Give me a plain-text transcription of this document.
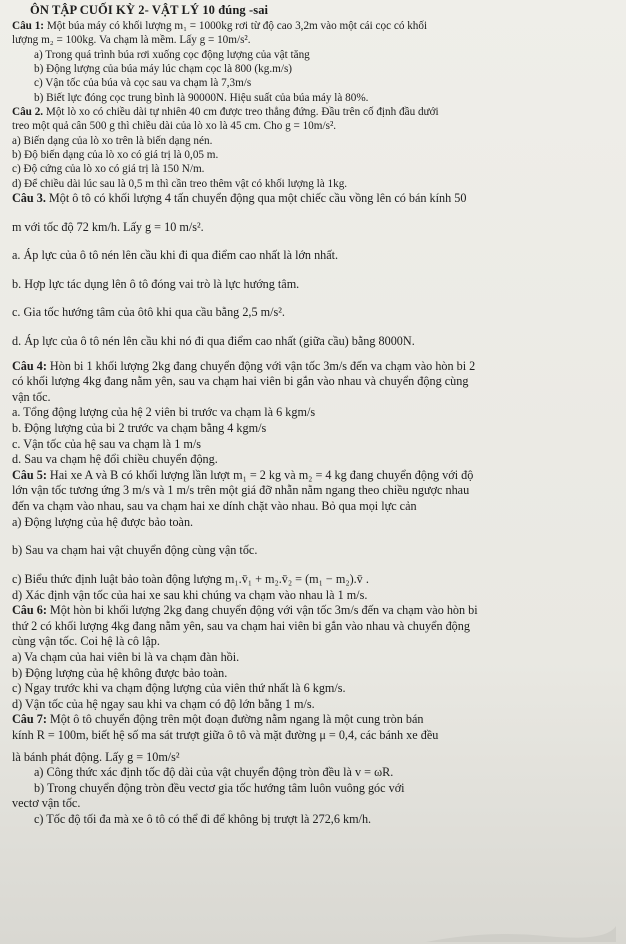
ÔN TẬP CUỐI KỲ 2- VẬT LÝ 10 đúng -sai
Câu 1: Một búa máy có khối lượng m₁ = 1000kg rơi từ độ cao 3,2m vào một cái cọc có khối
lượng m₂ = 100kg. Va chạm là mềm. Lấy g = 10m/s².
a) Trong quá trình búa rơi xuống cọc động lượng của vật tăng
b) Động lượng của búa máy lúc chạm cọc là 800 (kg.m/s)
c) Vận tốc của búa và cọc sau va chạm là 7,3m/s
b) Biết lực đóng cọc trung bình là 90000N. Hiệu suất của búa máy là 80%.
Câu 2. Một lò xo có chiều dài tự nhiên 40 cm được treo thẳng đứng. Đầu trên cố định đầu dưới
treo một quả cân 500 g thì chiều dài của lò xo là 45 cm. Cho g = 10m/s².
a) Biến dạng của lò xo trên là biến dạng nén.
b) Độ biến dạng của lò xo có giá trị là 0,05 m.
c) Độ cứng của lò xo có giá trị là 150 N/m.
d) Để chiều dài lúc sau là 0,5 m thì cần treo thêm vật có khối lượng là 1kg.
Câu 3. Một ô tô có khối lượng 4 tấn chuyển động qua một chiếc cầu vồng lên có bán kính 50
m với tốc độ 72 km/h. Lấy g = 10 m/s².
a. Áp lực của ô tô nén lên cầu khi đi qua điểm cao nhất là lớn nhất.
b. Hợp lực tác dụng lên ô tô đóng vai trò là lực hướng tâm.
c. Gia tốc hướng tâm của ôtô khi qua cầu bằng 2,5 m/s².
d. Áp lực của ô tô nén lên cầu khi nó đi qua điểm cao nhất (giữa cầu) bằng 8000N.
Câu 4: Hòn bi 1 khối lượng 2kg đang chuyển động với vận tốc 3m/s đến va chạm vào hòn bi 2
có khối lượng 4kg đang nằm yên, sau va chạm hai viên bi gắn vào nhau và chuyển động cùng
vận tốc.
a. Tổng động lượng của hệ 2 viên bi trước va chạm là 6 kgm/s
b. Động lượng của bi 2 trước va chạm bằng 4 kgm/s
c. Vận tốc của hệ sau va chạm là 1 m/s
d. Sau va chạm hệ đổi chiều chuyển động.
Câu 5: Hai xe A và B có khối lượng lần lượt m₁ = 2 kg và m₂ = 4 kg đang chuyển động với độ
lớn vận tốc tương ứng 3 m/s và 1 m/s trên một giá đỡ nhẵn nằm ngang theo chiều ngược nhau
đến va chạm vào nhau, sau va chạm hai xe dính chặt vào nhau. Bỏ qua mọi lực cản
a) Động lượng của hệ được bảo toàn.
b) Sau va chạm hai vật chuyển động cùng vận tốc.
c) Biểu thức định luật bảo toàn động lượng m₁.v̄₁ + m₂.v̄₂ = (m₁ − m₂).v̄ .
d) Xác định vận tốc của hai xe sau khi chúng va chạm vào nhau là 1 m/s.
Câu 6: Một hòn bi khối lượng 2kg đang chuyển động với vận tốc 3m/s đến va chạm vào hòn bi
thứ 2 có khối lượng 4kg đang nằm yên, sau va chạm hai viên bi gắn vào nhau và chuyển động
cùng vận tốc. Coi hệ là cô lập.
a) Va chạm của hai viên bi là va chạm đàn hồi.
b) Động lượng của hệ không được bảo toàn.
c) Ngay trước khi va chạm động lượng của viên thứ nhất là 6 kgm/s.
d) Vận tốc của hệ ngay sau khi va chạm có độ lớn bằng 1 m/s.
Câu 7: Một ô tô chuyển động trên một đoạn đường nằm ngang là một cung tròn bán
kính R = 100m, biết hệ số ma sát trượt giữa ô tô và mặt đường μ = 0,4, các bánh xe đều
là bánh phát động. Lấy g = 10m/s²
a) Công thức xác định tốc độ dài của vật chuyển động tròn đều là v = ωR.
b) Trong chuyển động tròn đều vectơ gia tốc hướng tâm luôn vuông góc với
vectơ vận tốc.
c) Tốc độ tối đa mà xe ô tô có thể đi để không bị trượt là 272,6 km/h.
